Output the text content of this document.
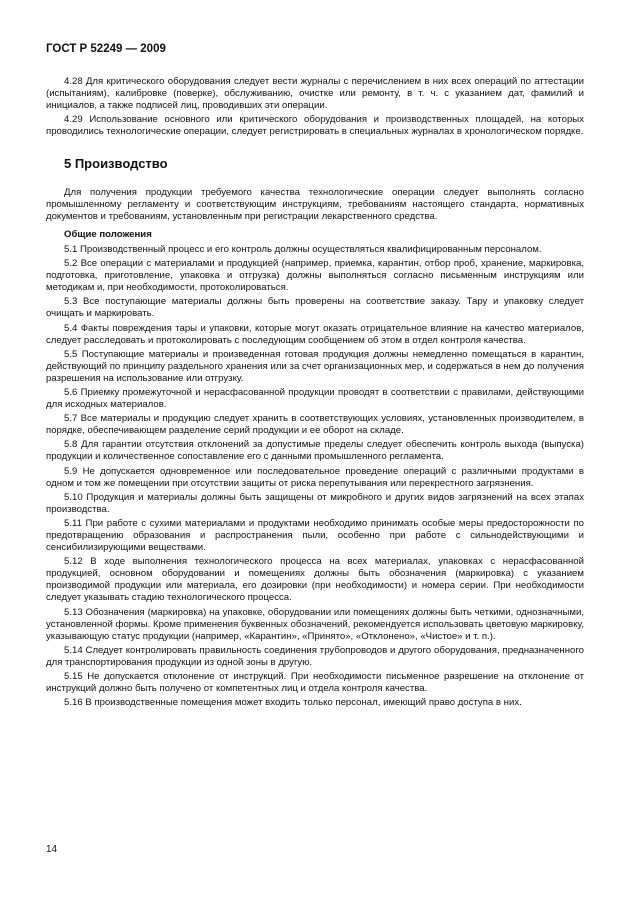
ГОСТ Р 52249 — 2009

4.28 Для критического оборудования следует вести журналы с перечислением в них всех операций по аттестации (испытаниям), калибровке (поверке), обслуживанию, очистке или ремонту, в т. ч. с указанием дат, фамилий и инициалов, а также подписей лиц, проводивших эти операции.

4.29 Использование основного или критического оборудования и производственных площадей, на которых проводились технологические операции, следует регистрировать в специальных журналах в хронологическом порядке.

5 Производство

Для получения продукции требуемого качества технологические операции следует выполнять согласно промышленному регламенту и соответствующим инструкциям, требованиям настоящего стандарта, нормативных документов и требованиям, установленным при регистрации лекарственного средства.

Общие положения

5.1 Производственный процесс и его контроль должны осуществляться квалифицированным персоналом.

5.2 Все операции с материалами и продукцией (например, приемка, карантин, отбор проб, хранение, маркировка, подготовка, приготовление, упаковка и отгрузка) должны выполняться согласно письменным инструкциям или методикам и, при необходимости, протоколироваться.

5.3 Все поступающие материалы должны быть проверены на соответствие заказу. Тару и упаковку следует очищать и маркировать.

5.4 Факты повреждения тары и упаковки, которые могут оказать отрицательное влияние на качество материалов, следует расследовать и протоколировать с последующим сообщением об этом в отдел контроля качества.

5.5 Поступающие материалы и произведенная готовая продукция должны немедленно помещаться в карантин, действующий по принципу раздельного хранения или за счет организационных мер, и содержаться в нем до получения разрешения на использование или отгрузку.

5.6 Приемку промежуточной и нерасфасованной продукции проводят в соответствии с правилами, действующими для исходных материалов.

5.7 Все материалы и продукцию следует хранить в соответствующих условиях, установленных производителем, в порядке, обеспечивающем разделение серий продукции и ее оборот на складе.

5.8 Для гарантии отсутствия отклонений за допустимые пределы следует обеспечить контроль выхода (выпуска) продукции и количественное сопоставление его с данными промышленного регламента.

5.9 Не допускается одновременное или последовательное проведение операций с различными продуктами в одном и том же помещении при отсутствии защиты от риска перепутывания или перекрестного загрязнения.

5.10 Продукция и материалы должны быть защищены от микробного и других видов загрязнений на всех этапах производства.

5.11 При работе с сухими материалами и продуктами необходимо принимать особые меры предосторожности по предотвращению образования и распространения пыли, особенно при работе с сильнодействующими и сенсибилизирующими веществами.

5.12 В ходе выполнения технологического процесса на всех материалах, упаковках с нерасфасованной продукцией, основном оборудовании и помещениях должны быть обозначения (маркировка) с указанием производимой продукции или материала, его дозировки (при необходимости) и номера серии. При необходимости следует указывать стадию технологического процесса.

5.13 Обозначения (маркировка) на упаковке, оборудовании или помещениях должны быть четкими, однозначными, установленной формы. Кроме применения буквенных обозначений, рекомендуется использовать цветовую маркировку, указывающую статус продукции (например, «Карантин», «Принято», «Отклонено», «Чистое» и т. п.).

5.14 Следует контролировать правильность соединения трубопроводов и другого оборудования, предназначенного для транспортирования продукции из одной зоны в другую.

5.15 Не допускается отклонение от инструкций. При необходимости письменное разрешение на отклонение от инструкций должно быть получено от компетентных лиц и отдела контроля качества.

5.16 В производственные помещения может входить только персонал, имеющий право доступа в них.

14
